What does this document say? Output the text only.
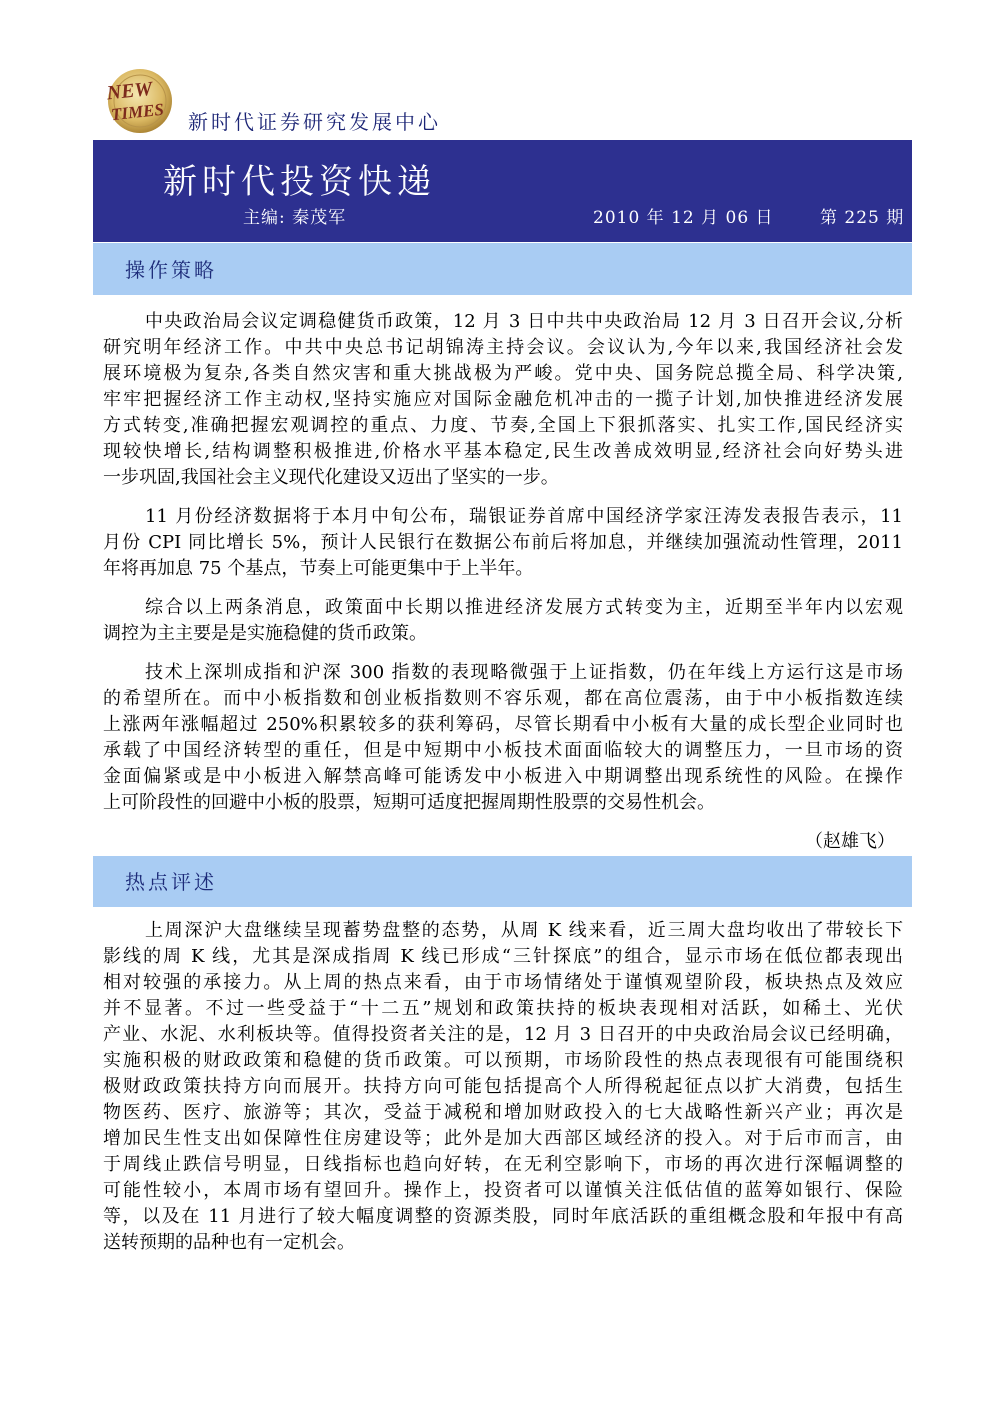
NEW
TIMES 新时代证券研究发展中心
新时代投资快递
主编: 秦茂军	2010 年 12 月 06 日	第 225 期
操作策略
中央政治局会议定调稳健货币政策，12 月 3 日中共中央政治局 12 月 3 日召开会议,分析
研究明年经济工作。中共中央总书记胡锦涛主持会议。会议认为,今年以来,我国经济社会发
展环境极为复杂,各类自然灾害和重大挑战极为严峻。党中央、国务院总揽全局、科学决策,
牢牢把握经济工作主动权,坚持实施应对国际金融危机冲击的一揽子计划,加快推进经济发展
方式转变,准确把握宏观调控的重点、力度、节奏,全国上下狠抓落实、扎实工作,国民经济实
现较快增长,结构调整积极推进,价格水平基本稳定,民生改善成效明显,经济社会向好势头进
一步巩固,我国社会主义现代化建设又迈出了坚实的一步。
11 月份经济数据将于本月中旬公布，瑞银证券首席中国经济学家汪涛发表报告表示，11
月份 CPI 同比增长 5%，预计人民银行在数据公布前后将加息，并继续加强流动性管理，2011
年将再加息 75 个基点，节奏上可能更集中于上半年。
综合以上两条消息，政策面中长期以推进经济发展方式转变为主，近期至半年内以宏观
调控为主主要是是实施稳健的货币政策。
技术上深圳成指和沪深 300 指数的表现略微强于上证指数，仍在年线上方运行这是市场
的希望所在。而中小板指数和创业板指数则不容乐观，都在高位震荡，由于中小板指数连续
上涨两年涨幅超过 250%积累较多的获利筹码，尽管长期看中小板有大量的成长型企业同时也
承载了中国经济转型的重任，但是中短期中小板技术面面临较大的调整压力，一旦市场的资
金面偏紧或是中小板进入解禁高峰可能诱发中小板进入中期调整出现系统性的风险。在操作
上可阶段性的回避中小板的股票，短期可适度把握周期性股票的交易性机会。
（赵雄飞）
热点评述
上周深沪大盘继续呈现蓄势盘整的态势，从周 K 线来看，近三周大盘均收出了带较长下
影线的周 K 线，尤其是深成指周 K 线已形成“三针探底”的组合，显示市场在低位都表现出
相对较强的承接力。从上周的热点来看，由于市场情绪处于谨慎观望阶段，板块热点及效应
并不显著。不过一些受益于“十二五”规划和政策扶持的板块表现相对活跃，如稀土、光伏
产业、水泥、水利板块等。值得投资者关注的是，12 月 3 日召开的中央政治局会议已经明确，
实施积极的财政政策和稳健的货币政策。可以预期，市场阶段性的热点表现很有可能围绕积
极财政政策扶持方向而展开。扶持方向可能包括提高个人所得税起征点以扩大消费，包括生
物医药、医疗、旅游等；其次，受益于减税和增加财政投入的七大战略性新兴产业；再次是
增加民生性支出如保障性住房建设等；此外是加大西部区域经济的投入。对于后市而言，由
于周线止跌信号明显，日线指标也趋向好转，在无利空影响下，市场的再次进行深幅调整的
可能性较小，本周市场有望回升。操作上，投资者可以谨慎关注低估值的蓝筹如银行、保险
等，以及在 11 月进行了较大幅度调整的资源类股，同时年底活跃的重组概念股和年报中有高
送转预期的品种也有一定机会。
